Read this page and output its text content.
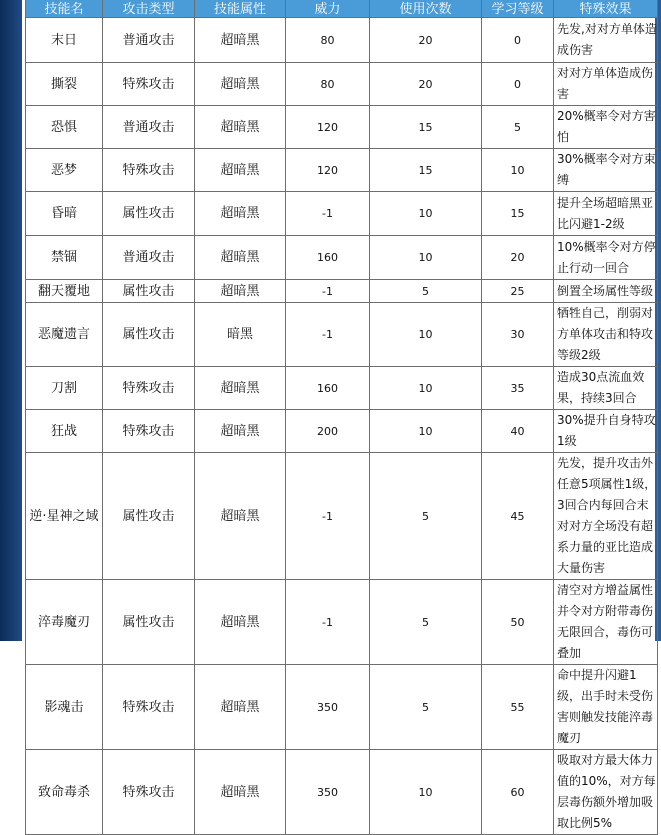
技能名	攻击类型	技能属性	威力	使用次数	学习等级	特殊效果
末日	普通攻击	超暗黑	80	20	0	先发,对对方单体造成伤害
撕裂	特殊攻击	超暗黑	80	20	0	对对方单体造成伤害
恐惧	普通攻击	超暗黑	120	15	5	20%概率令对方害怕
恶梦	特殊攻击	超暗黑	120	15	10	30%概率令对方束缚
昏暗	属性攻击	超暗黑	-1	10	15	提升全场超暗黑亚比闪避1-2级
禁锢	普通攻击	超暗黑	160	10	20	10%概率令对方停止行动一回合
翻天覆地	属性攻击	超暗黑	-1	5	25	倒置全场属性等级
恶魔遗言	属性攻击	暗黑	-1	10	30	牺牲自己，削弱对方单体攻击和特攻等级2级
刀割	特殊攻击	超暗黑	160	10	35	造成30点流血效果，持续3回合
狂战	特殊攻击	超暗黑	200	10	40	30%提升自身特攻1级
逆·星神之域	属性攻击	超暗黑	-1	5	45	先发，提升攻击外任意5项属性1级，3回合内每回合末对对方全场没有超系力量的亚比造成大量伤害
淬毒魔刃	属性攻击	超暗黑	-1	5	50	清空对方增益属性并令对方附带毒伤无限回合，毒伤可叠加
影魂击	特殊攻击	超暗黑	350	5	55	命中提升闪避1级，出手时未受伤害则触发技能淬毒魔刃
致命毒杀	特殊攻击	超暗黑	350	10	60	吸取对方最大体力值的10%，对方每层毒伤额外增加吸取比例5%
